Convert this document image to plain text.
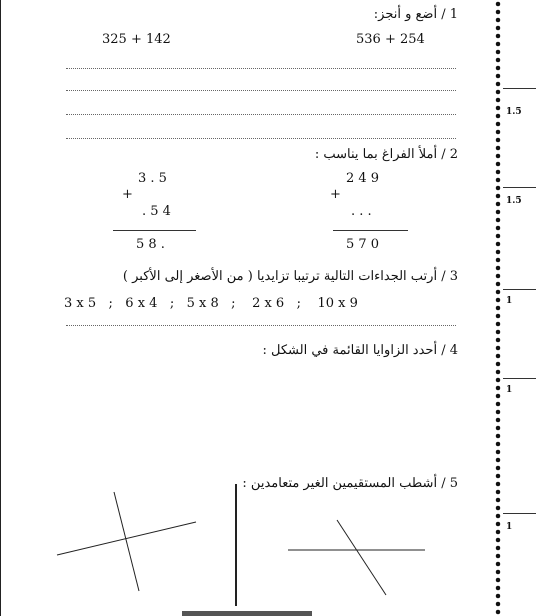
1.5
1.5
1
1
1
1 / أضع و أنجز:
536 + 254
325 + 142
2 / أملأ الفراغ بما يناسب :
3 . 5
+
. 5 4
5 8 .
2 4 9
+
. . .
5 7 0
3 / أرتب الجداءات التالية ترتيبا تزايديا ( من الأصغر إلى الأكبر )
3 x 5   ;   6 x 4   ;   5 x 8   ;    2 x 6   ;    10 x 9
4 / أحدد الزاوايا القائمة في الشكل :
5 / أشطب المستقيمين الغير متعامدين :
